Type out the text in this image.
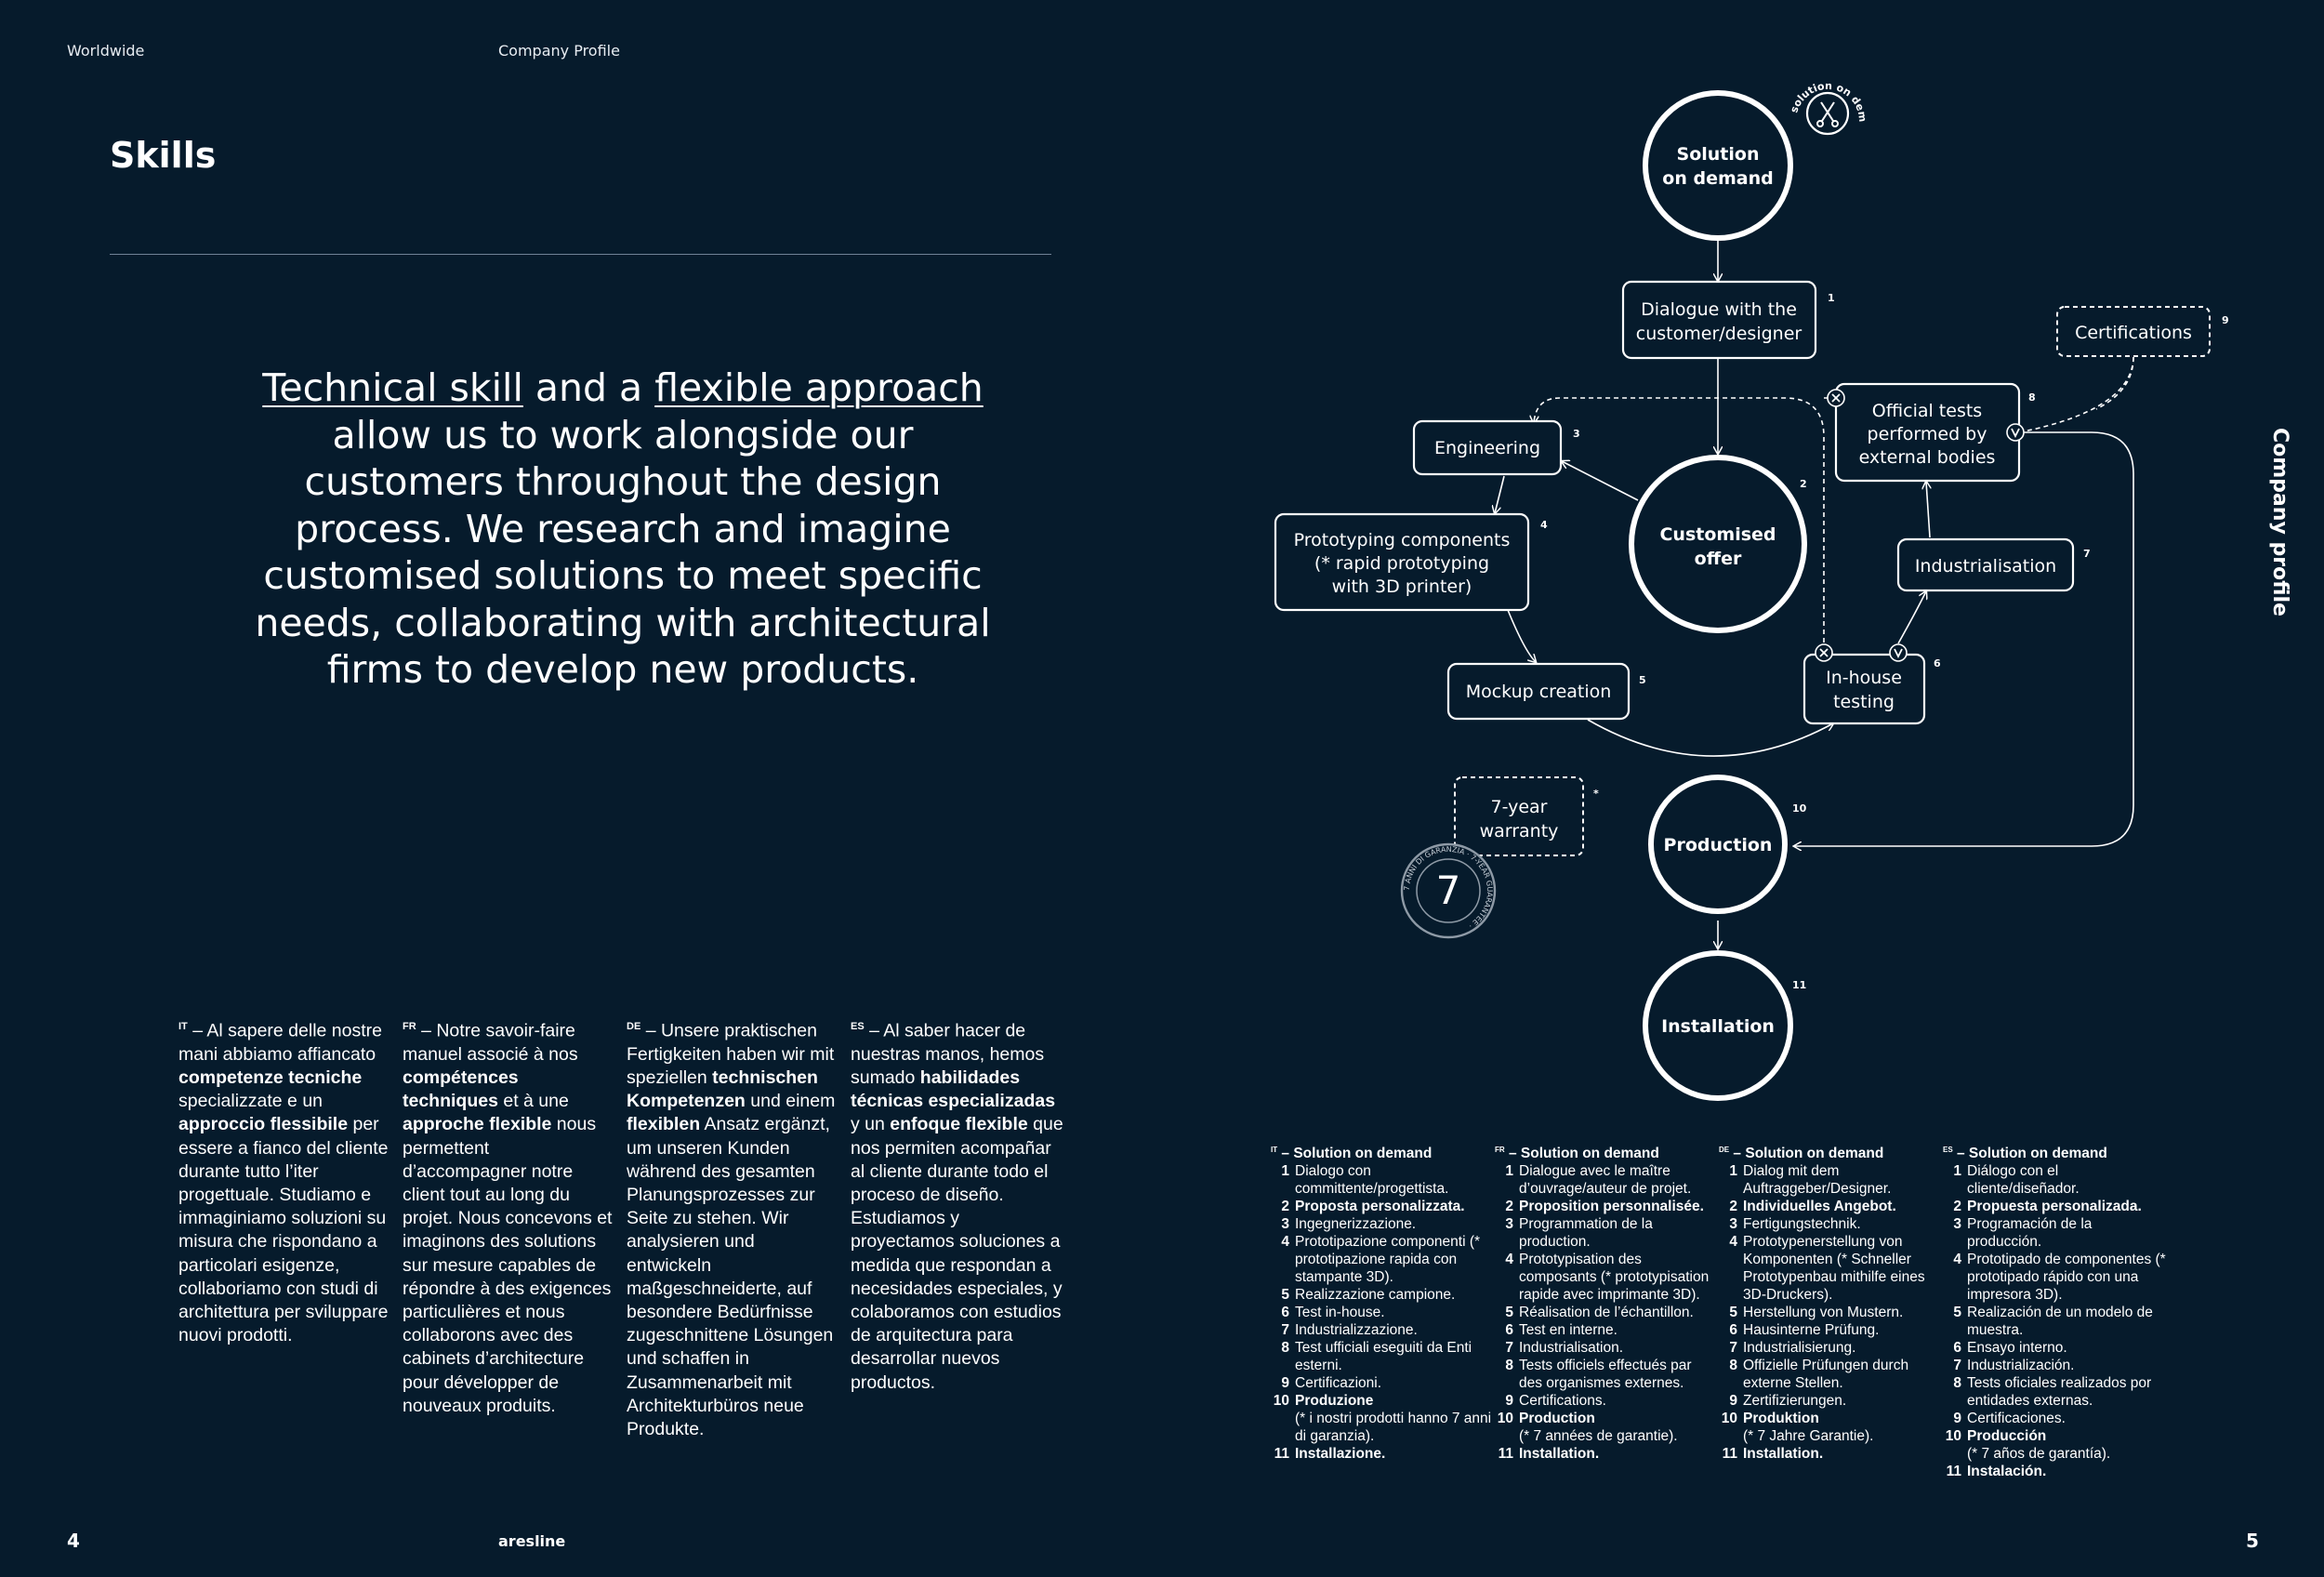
Worldwide	Company Profile
Skills
Technical skill and a flexible approach allow us to work alongside our customers throughout the design process. We research and imagine customised solutions to meet specific needs, collaborating with architectural firms to develop new products.
$^{IT}$ – Al sapere delle nostre mani abbiamo affiancato competenze tecniche specializzate e un approccio flessibile per essere a fianco del cliente durante tutto l’iter progettuale. Studiamo e immaginiamo soluzioni su misura che rispondano a particolari esigenze, collaboriamo con studi di architettura per sviluppare nuovi prodotti.
$^{FR}$ – Notre savoir-faire manuel associé à nos compétences techniques et à une approche flexible nous permettent d’accompagner notre client tout au long du projet. Nous concevons et imaginons des solutions sur mesure capables de répondre à des exigences particulières et nous collaborons avec des cabinets d’architecture pour développer de nouveaux produits.
$^{DE}$ – Unsere praktischen Fertigkeiten haben wir mit speziellen technischen Kompetenzen und einem flexiblen Ansatz ergänzt, um unseren Kunden während des gesamten Planungsprozesses zur Seite zu stehen. Wir analysieren und entwickeln maßgeschneiderte, auf besondere Bedürfnisse zugeschnittene Lösungen und schaffen in Zusammenarbeit mit Architekturbüros neue Produkte.
$^{ES}$ – Al saber hacer de nuestras manos, hemos sumado habilidades técnicas especializadas y un enfoque flexible que nos permiten acompañar al cliente durante todo el proceso de diseño. Estudiamos y proyectamos soluciones a medida que respondan a necesidades especiales, y colaboramos con estudios de arquitectura para desarrollar nuevos productos.
solution on dem
7 ANNI DI GARANZIA · 7-YEAR GUARANTEE ·
7
Solution
on demand
Customised
offer
Production
Installation
Dialogue with the
customer/designer
Engineering
Prototyping components
(* rapid prototyping
with 3D printer)
Mockup creation
In-house
testing
Industrialisation
Official tests
performed by
external bodies
Certifications
7-year
warranty
1
2
3
4
5
6
7
8
9
10
11
*
$^{IT}$ – Solution on demand
1 Dialogo con committente/progettista.
2 Proposta personalizzata.
3 Ingegnerizzazione.
4 Prototipazione componenti (* prototipazione rapida con stampante 3D).
5 Realizzazione campione.
6 Test in-house.
7 Industrializzazione.
8 Test ufficiali eseguiti da Enti esterni.
9 Certificazioni.
10 Produzione
(* i nostri prodotti hanno 7 anni di garanzia).
11 Installazione.
$^{FR}$ – Solution on demand
1 Dialogue avec le maître d’ouvrage/auteur de projet.
2 Proposition personnalisée.
3 Programmation de la production.
4 Prototypisation des composants (* prototypisation rapide avec imprimante 3D).
5 Réalisation de l’échantillon.
6 Test en interne.
7 Industrialisation.
8 Tests officiels effectués par des organismes externes.
9 Certifications.
10 Production
(* 7 années de garantie).
11 Installation.
$^{DE}$ – Solution on demand
1 Dialog mit dem Auftraggeber/Designer.
2 Individuelles Angebot.
3 Fertigungstechnik.
4 Prototypenerstellung von Komponenten (* Schneller Prototypenbau mithilfe eines 3D-Druckers).
5 Herstellung von Mustern.
6 Hausinterne Prüfung.
7 Industrialisierung.
8 Offizielle Prüfungen durch externe Stellen.
9 Zertifizierungen.
10 Produktion
(* 7 Jahre Garantie).
11 Installation.
$^{ES}$ – Solution on demand
1 Diálogo con el cliente/diseñador.
2 Propuesta personalizada.
3 Programación de la producción.
4 Prototipado de componentes (* prototipado rápido con una impresora 3D).
5 Realización de un modelo de muestra.
6 Ensayo interno.
7 Industrialización.
8 Tests oficiales realizados por entidades externas.
9 Certificaciones.
10 Producción
(* 7 años de garantía).
11 Instalación.
Company profile
4	aresline	5
